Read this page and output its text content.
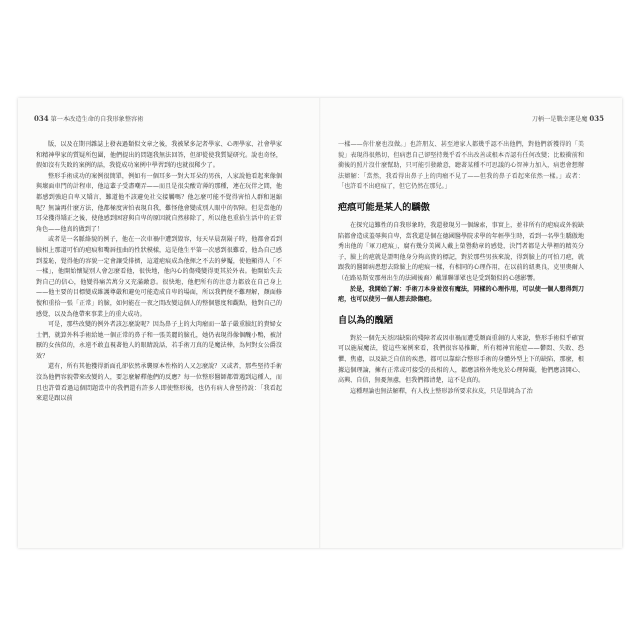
034 第一本改造生命的自我形象整容術	刀柄一是戰幸運是魔 035

版，以及在期刊雜誌上發表過類似文章之後，我被眾多記者學家、心理學家、社會學家和精神學家的質疑所包圍，他們提出的問題我無法回答，但卻從使我質疑研究。說也奇怪，假如沒有失敗的案例的話，我從成功案例中學習到的也就很稀少了。

整形手術成功的案例很簡單，例如有一個耳多一對大耳朵的男孩，人家說他看起來像個與壞面車門的計程車，他這輩子受盡嘲弄——而且是很尖酸苛薄的那種，連在玩伴之間，他都感到強迫自卑又矯言，難道他不該避免社交接觸嗎？他怎麼可能不覺得害怕人群和退縮呢？無論再什麼方法，他都極度害怕表現自我，難怪他會變成別人眼中的智障。但是當他的耳朵獲得矯正之後，使他感到困窘與自卑的原因就自然移除了，所以他也重拾生活中的正常角色——他真的做到了！

或者是一名脈絡貌的例子，他在一次車禍中遭到毀容，每天早晨刮鬍子時，他都會看到臉相上那道可怕的疤痕和嘴唇扭曲的性狀模樣，這是他生平第一次感到很難看，他為自己感到羞恥，覺得他的容貌一定會讓受排擠，這道疤痕成為他揮之不去的夢魘，使他顯得人「不一樣」，他開始懷疑別人會怎麼看他，很快地，他內心的傷殘變得更其於外表。他開始失去對自己的信心，他變得痛苦萬分又充滿敵意。很快地，他把所有的注意力都放在自己身上——他主要的目標變成維護尊嚴和避免可能造成自卑的場面，所以我們便不難理解，顏面修復和重拾一張「正常」的臉，如何能在一夜之間改變這個人的整個態度和觀點，他對自己的感覺，以及為他帶來事業上的重大成功。

可是，那些改變的例外者該怎麼說呢？因為鼻子上的大肉瘤而一輩子嚴重臉紅的貴婦女士們，就算外科手術給她一個正常的鼻子和一張美麗的臉孔，她仍表現得像個醜小鴨，被討厭的女孩似的，永遠不敢直視著他人的眼睛說話，若手術刀真的是魔法棒，為何對女公爵沒效？

還有，所有其他獲得新面孔卻依然承襲原本性格的人又怎麼說？又或者，那些堅持手術沒為他們容貌帶來改變的人，要怎麼解釋他們的反應？每一位整形醫師都曾遇到這種人，而且也許曾看過這個問題當中的我們還有許多人即使整形後，也仍有病人會堅持說：「我看起來還是跟以前

一樣——你什麼也沒做。」也許朋友、甚至連家人都幾乎認不出他們，對他們新獲得的「美貌」表現得很熱切，但病患自己卻堅持幾乎看不出改善或根本否認有任何改變；比較衝前和衝後的照片沒什麼幫助，只可能引發敵意，聽著某種不可思議的心智神力加入，病患會想辦法辯解：「當然，我看得出鼻子上的肉瘤不見了——但我的鼻子看起來依然一樣。」或者：「也許看不出疤痕了，但它仍然在那兒。」

疤痕可能是某人的驕傲

在探究這難性的自我形象時，我還發現另一個線索，事實上，並非所有的疤痕或外貌缺陷都會造成羞辱與自卑，當我還是個在德國醫學院求學的年輕學生時，看到一名學生驕傲地秀出他的「軍刀疤痕」，腐有幾分美國人戴上榮譽勳章的感覺，決鬥者都是大學裡的精英分子，臉上的疤就是證明他身分夠高貴的標記，對於那些男孩來說，得到臉上的可怕刀疤，就跟我的醫師病患想去除臉上的疤痕一樣，有相同的心理作用，在以前的紐奧良，克里奧爾人（在路易斯安那州出生的法國後裔）戴罪聯罪眾也是受到類似的心態影響。

於是，我開始了解：手術刀本身並沒有魔法，同樣的心理作用，可以使一個人想得到刀疤，也可以使另一個人想去除傷疤。

自以為的醜陋

對於一個先天基因缺陷的殘障者或因車禍而遭受顏面重創的人來說，整形手術似乎確實可以施展魔法，從這些案例來看，我們很容易推斷，所有精神官能症——鬱悶、失敗、恐懼、焦慮，以及缺乏自信的疾患，都可以靠綜合整形手術的身體外型上下的缺陷，那麼，根據這個理論，擁有正常或可接受的長相的人，都應該格外地免於心理障礙，他們應該開心、高興、自信，無憂無慮，但我們都清楚，這不是真的。

這種理論也無法解釋，有人找上整形診所要求拉皮，只是單純為了治
